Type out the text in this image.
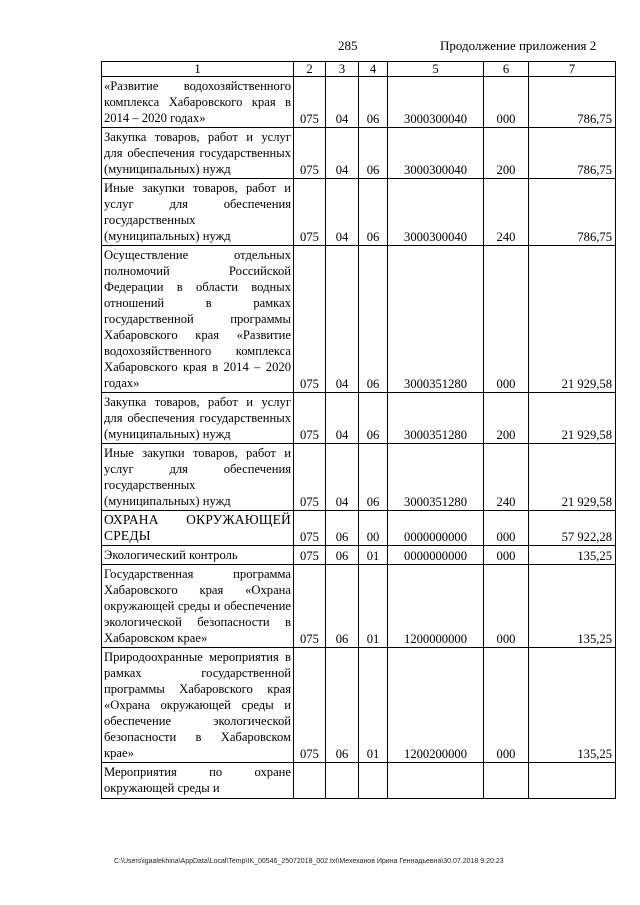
285	Продолжение приложения 2
1	2	3	4	5	6	7
«Развитие водохозяйственного комплекса Хабаровского края в 2014 – 2020 годах»	075	04	06	3000300040	000	786,75
Закупка товаров, работ и услуг для обеспечения государственных (муниципальных) нужд	075	04	06	3000300040	200	786,75
Иные закупки товаров, работ и услуг для обеспечения государственных (муниципальных) нужд	075	04	06	3000300040	240	786,75
Осуществление отдельных полномочий Российской Федерации в области водных отношений в рамках государственной программы Хабаровского края «Развитие водохозяйственного комплекса Хабаровского края в 2014 – 2020 годах»	075	04	06	3000351280	000	21 929,58
Закупка товаров, работ и услуг для обеспечения государственных (муниципальных) нужд	075	04	06	3000351280	200	21 929,58
Иные закупки товаров, работ и услуг для обеспечения государственных (муниципальных) нужд	075	04	06	3000351280	240	21 929,58
ОХРАНА ОКРУЖАЮЩЕЙ СРЕДЫ	075	06	00	0000000000	000	57 922,28
Экологический контроль	075	06	01	0000000000	000	135,25
Государственная программа Хабаровского края «Охрана окружающей среды и обеспечение экологической безопасности в Хабаровском крае»	075	06	01	1200000000	000	135,25
Природоохранные мероприятия в рамках государственной программы Хабаровского края «Охрана окружающей среды и обеспечение экологической безопасности в Хабаровском крае»	075	06	01	1200200000	000	135,25
Мероприятия по охране окружающей среды и						
C:\Users\igaalekhina\AppData\Local\Temp\IK_00546_25072018_002.txt\Мехеханов Ирина Геннадьевна\30.07.2018 9:20:23
